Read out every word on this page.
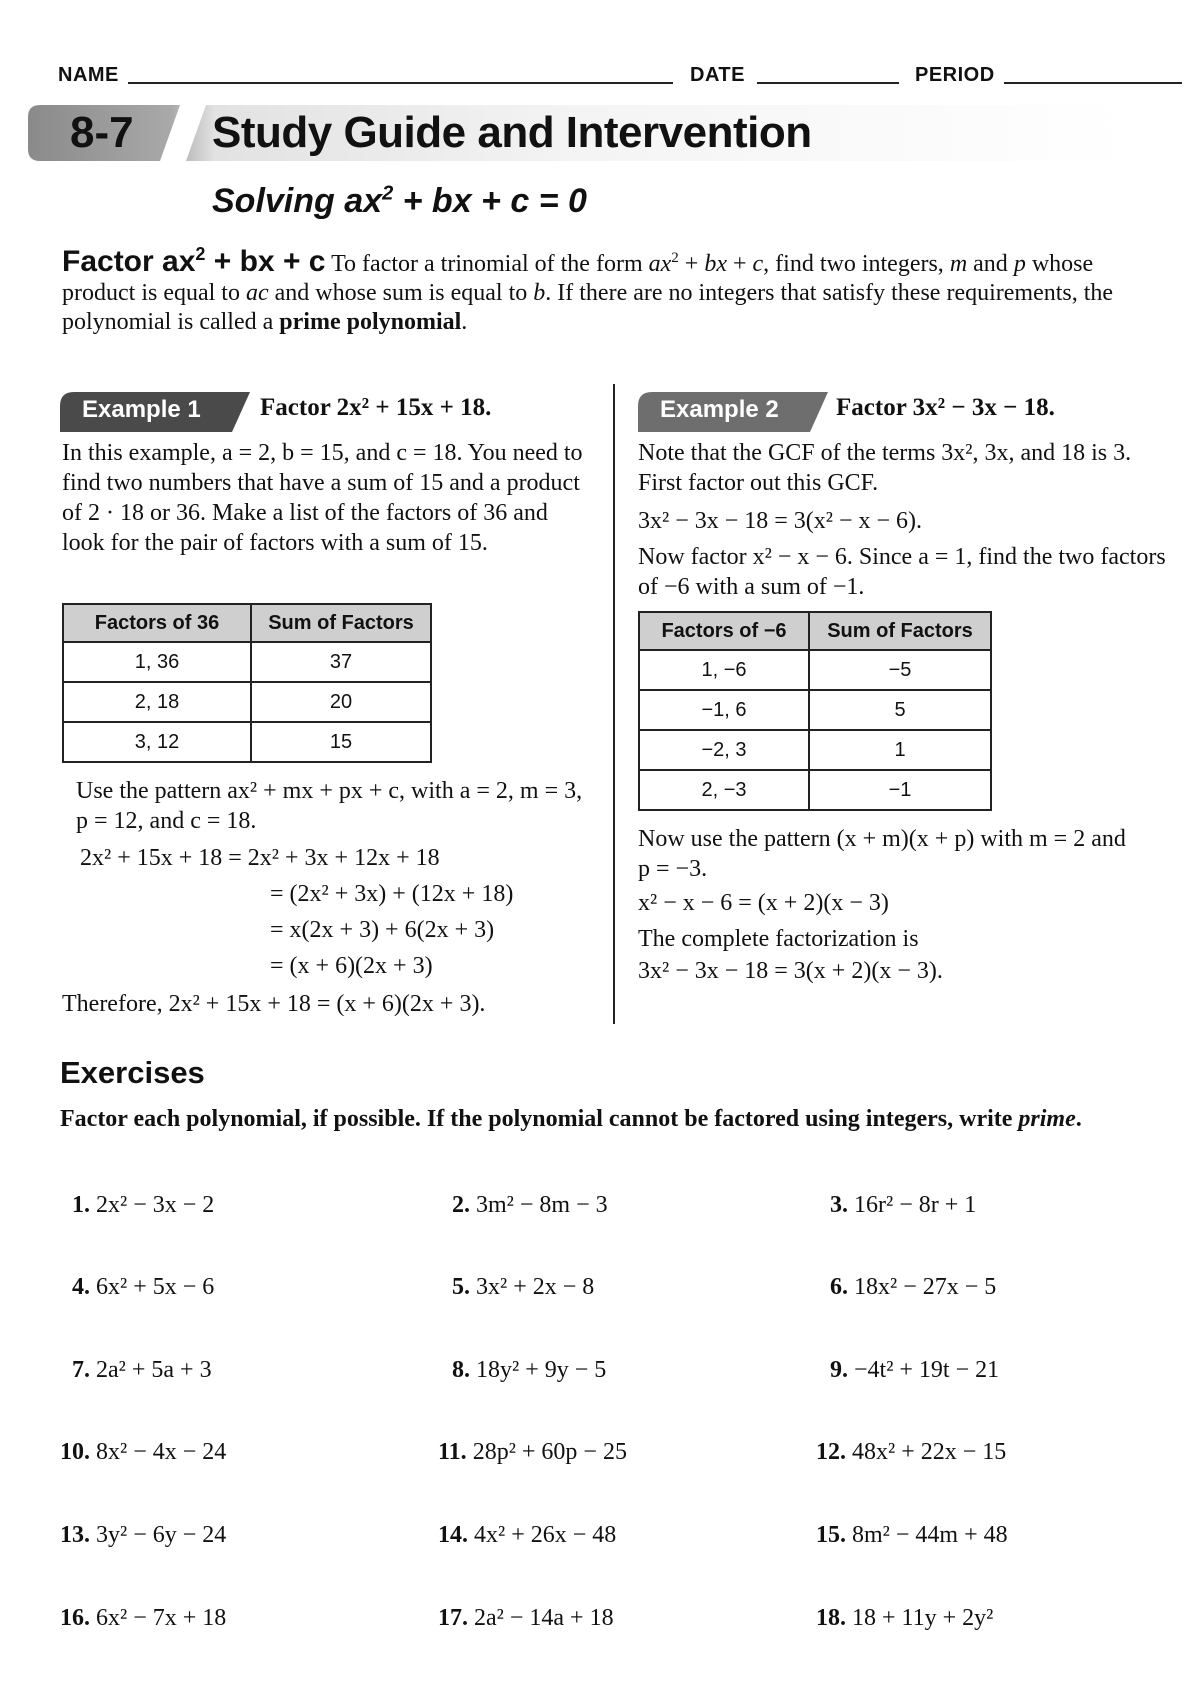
NAME	DATE	PERIOD
8-7 Study Guide and Intervention
Solving $ax^2$ + bx + c = 0
Factor $ax^2$ + bx + c To factor a trinomial of the form $ax^2$ + bx + c, find two integers, m and p whose product is equal to ac and whose sum is equal to b. If there are no integers that satisfy these requirements, the polynomial is called a prime polynomial.
Example 1 Factor 2x² + 15x + 18.
In this example, a = 2, b = 15, and c = 18. You need to find two numbers that have a sum of 15 and a product of 2 · 18 or 36. Make a list of the factors of 36 and look for the pair of factors with a sum of 15.
Factors of 36	Sum of Factors
1, 36	37
2, 18	20
3, 12	15
Use the pattern ax² + mx + px + c, with a = 2, m = 3, p = 12, and c = 18.
2x² + 15x + 18 = 2x² + 3x + 12x + 18
= (2x² + 3x) + (12x + 18)
= x(2x + 3) + 6(2x + 3)
= (x + 6)(2x + 3)
Therefore, 2x² + 15x + 18 = (x + 6)(2x + 3).
Example 2 Factor 3x² − 3x − 18.
Note that the GCF of the terms 3x², 3x, and 18 is 3. First factor out this GCF.
3x² − 3x − 18 = 3(x² − x − 6).
Now factor x² − x − 6. Since a = 1, find the two factors of −6 with a sum of −1.
Factors of −6	Sum of Factors
1, −6	−5
−1, 6	5
−2, 3	1
2, −3	−1
Now use the pattern (x + m)(x + p) with m = 2 and p = −3.
x² − x − 6 = (x + 2)(x − 3)
The complete factorization is
3x² − 3x − 18 = 3(x + 2)(x − 3).
Exercises
Factor each polynomial, if possible. If the polynomial cannot be factored using integers, write prime.
1. 2x² − 3x − 2	2. 3m² − 8m − 3	3. 16r² − 8r + 1
4. 6x² + 5x − 6	5. 3x² + 2x − 8	6. 18x² − 27x − 5
7. 2a² + 5a + 3	8. 18y² + 9y − 5	9. −4t² + 19t − 21
10. 8x² − 4x − 24	11. 28p² + 60p − 25	12. 48x² + 22x − 15
13. 3y² − 6y − 24	14. 4x² + 26x − 48	15. 8m² − 44m + 48
16. 6x² − 7x + 18	17. 2a² − 14a + 18	18. 18 + 11y + 2y²
